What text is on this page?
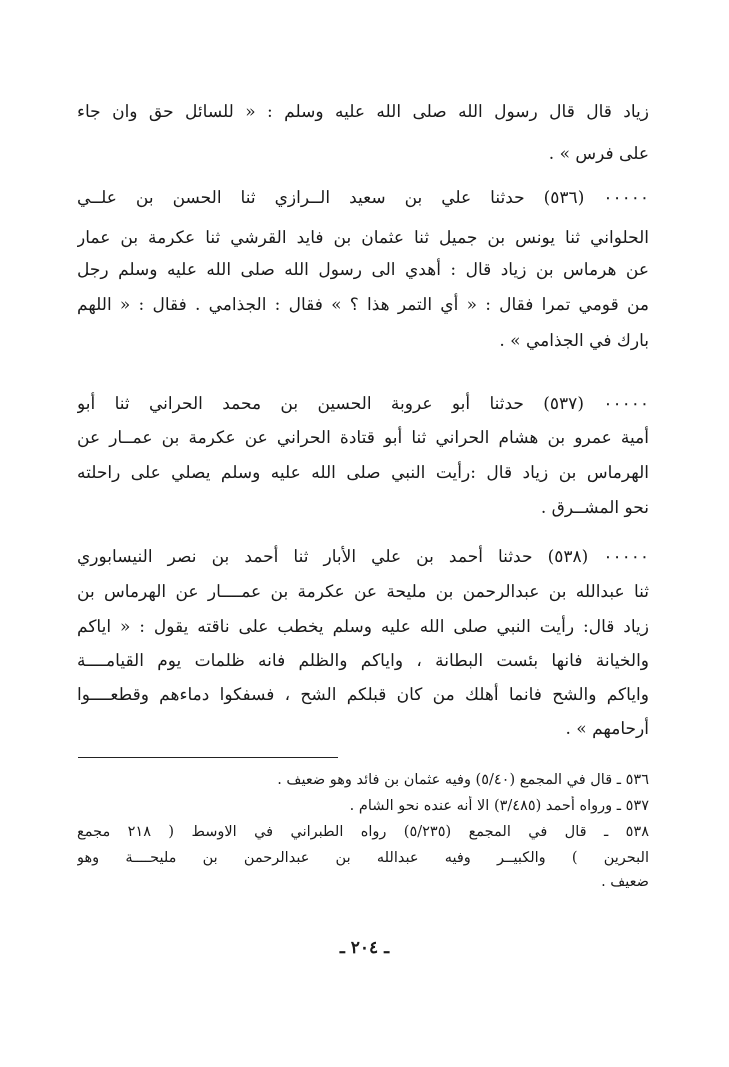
زياد قال قال رسول الله صلى الله عليه وسلم : « للسائل حق وان جاء
على فرس » .
٠٠٠٠٠ (٥٣٦) حدثنا علي بن سعيد الــرازي ثنا الحسن بن علــي
الحلواني ثنا يونس بن جميل ثنا عثمان بن فايد القرشي ثنا عكرمة بن عمار
عن هرماس بن زياد قال : أهدي الى رسول الله صلى الله عليه وسلم رجل
من قومي تمرا فقال : « أي التمر هذا ؟ » فقال : الجذامي . فقال : « اللهم
بارك في الجذامي » .
٠٠٠٠٠ (٥٣٧) حدثنا أبو عروبة الحسين بن محمد الحراني ثنا أبو
أمية عمرو بن هشام الحراني ثنا أبو قتادة الحراني عن عكرمة بن عمــار عن
الهرماس بن زياد قال :رأيت النبي صلى الله عليه وسلم يصلي على راحلته
نحو المشــرق .
٠٠٠٠٠ (٥٣٨) حدثنا أحمد بن علي الأبار ثنا أحمد بن نصر النيسابوري
ثنا عبدالله بن عبدالرحمن بن مليحة عن عكرمة بن عمــــار عن الهرماس بن
زياد قال: رأيت النبي صلى الله عليه وسلم يخطب على ناقته يقول : « اياكم
والخيانة فانها بئست البطانة ، واياكم والظلم فانه ظلمات يوم القيامــــة
واياكم والشح فانما أهلك من كان قبلكم الشح ، فسفكوا دماءهم وقطعــــوا
أرحامهم » .
٥٣٦ ـ قال في المجمع (٥/٤٠) وفيه عثمان بن فائد وهو ضعيف .
٥٣٧ ـ ورواه أحمد (٣/٤٨٥) الا أنه عنده نحو الشام .
٥٣٨ ـ قال في المجمع (٥/٢٣٥) رواه الطبراني في الاوسط ( ٢١٨ مجمع
البحرين ) والكبيــر وفيه عبدالله بن عبدالرحمن بن مليحــــة وهو
ضعيف .
ـ ٢٠٤ ـ
